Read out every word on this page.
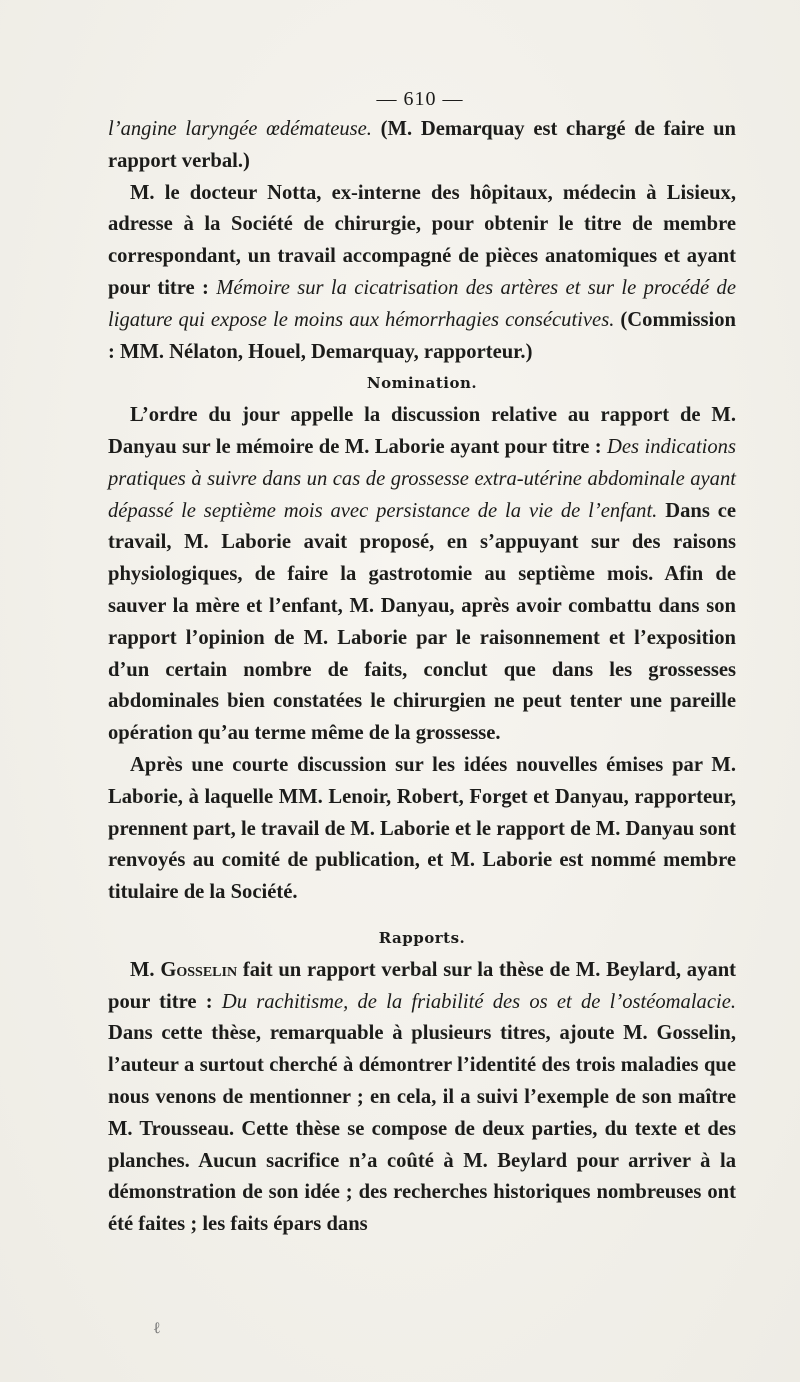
— 610 —

l’angine laryngée œdémateuse. (M. Demarquay est chargé de faire un rapport verbal.)

M. le docteur Notta, ex-interne des hôpitaux, médecin à Lisieux, adresse à la Société de chirurgie, pour obtenir le titre de membre correspondant, un travail accompagné de pièces anatomiques et ayant pour titre : Mémoire sur la cicatrisation des artères et sur le procédé de ligature qui expose le moins aux hémorrhagies consécutives. (Commission : MM. Nélaton, Houel, Demarquay, rapporteur.)

Nomination.

L’ordre du jour appelle la discussion relative au rapport de M. Danyau sur le mémoire de M. Laborie ayant pour titre : Des indications pratiques à suivre dans un cas de grossesse extra-utérine abdominale ayant dépassé le septième mois avec persistance de la vie de l’enfant. Dans ce travail, M. Laborie avait proposé, en s’appuyant sur des raisons physiologiques, de faire la gastrotomie au septième mois. Afin de sauver la mère et l’enfant, M. Danyau, après avoir combattu dans son rapport l’opinion de M. Laborie par le raisonnement et l’exposition d’un certain nombre de faits, conclut que dans les grossesses abdominales bien constatées le chirurgien ne peut tenter une pareille opération qu’au terme même de la grossesse.

Après une courte discussion sur les idées nouvelles émises par M. Laborie, à laquelle MM. Lenoir, Robert, Forget et Danyau, rapporteur, prennent part, le travail de M. Laborie et le rapport de M. Danyau sont renvoyés au comité de publication, et M. Laborie est nommé membre titulaire de la Société.

Rapports.

M. Gosselin fait un rapport verbal sur la thèse de M. Beylard, ayant pour titre : Du rachitisme, de la friabilité des os et de l’ostéomalacie. Dans cette thèse, remarquable à plusieurs titres, ajoute M. Gosselin, l’auteur a surtout cherché à démontrer l’identité des trois maladies que nous venons de mentionner ; en cela, il a suivi l’exemple de son maître M. Trousseau. Cette thèse se compose de deux parties, du texte et des planches. Aucun sacrifice n’a coûté à M. Beylard pour arriver à la démonstration de son idée ; des recherches historiques nombreuses ont été faites ; les faits épars dans

ℓ
